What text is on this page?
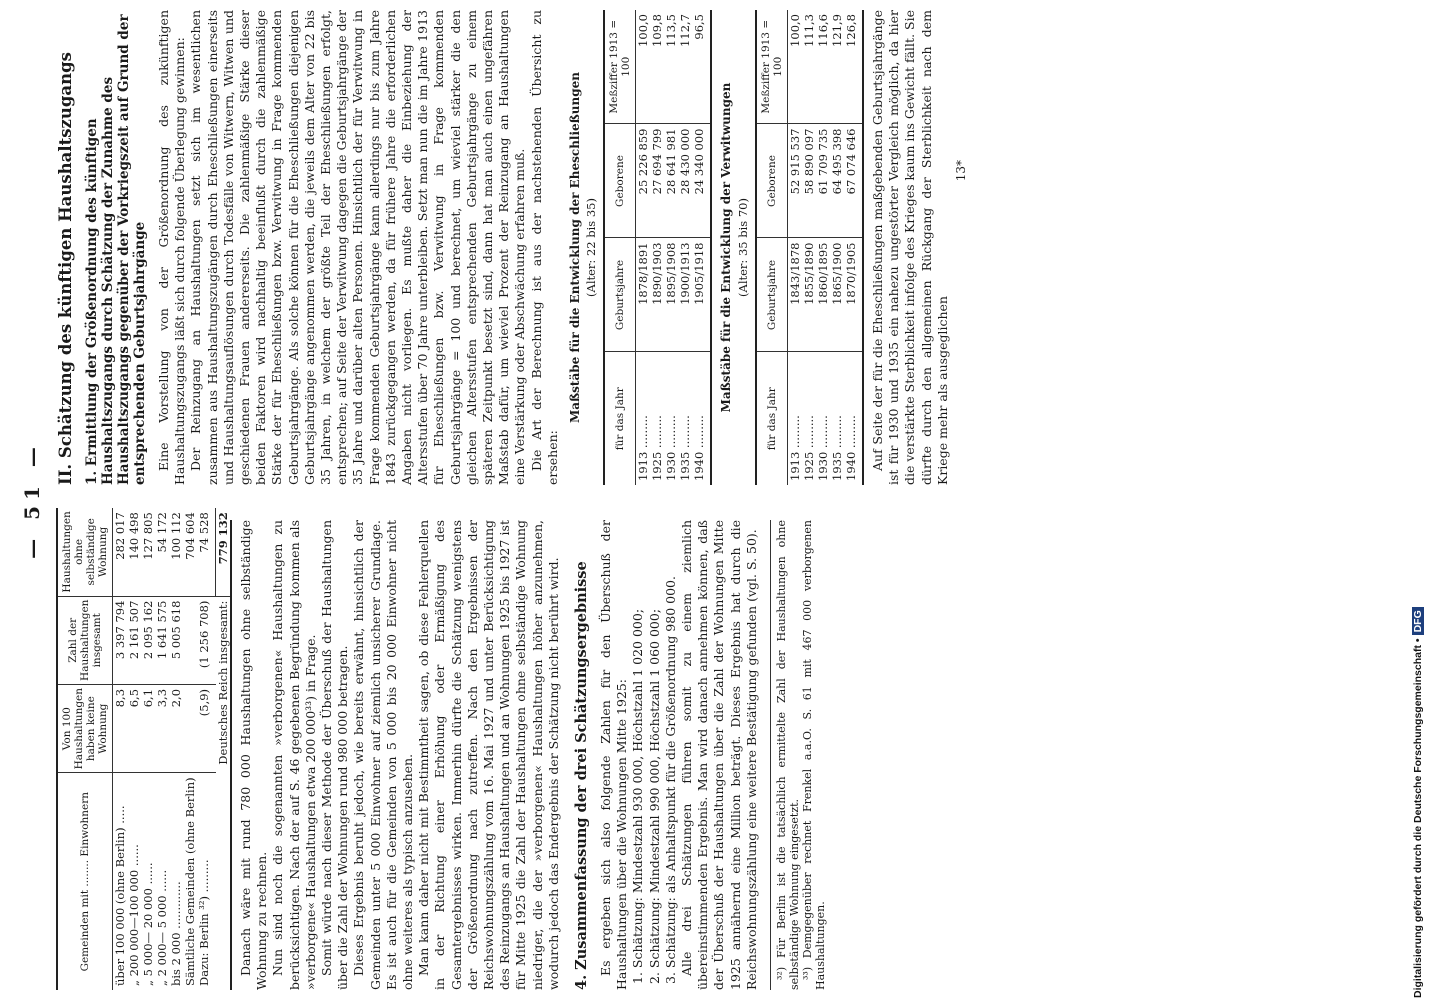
— 51 —
Gemeinden mit ........ Einwohnern	Von 100 Haushaltungen haben keine Wohnung	Zahl der Haushaltungen insgesamt	Haushaltungen ohne selbständige Wohnung
über 100 000 (ohne Berlin) .....	8,3	3 397 794	282 017
„ 200 000—100 000 ......	6,5	2 161 507	140 498
„ 5 000— 20 000 ......	6,1	2 095 162	127 805
„ 2 000— 5 000 ......	3,3	1 641 575	54 172
bis 2 000 .............	2,0	5 005 618	100 112
Sämtliche Gemeinden (ohne Berlin)			704 604
Dazu: Berlin ³²) .........	(5,9)	(1 256 708)	74 528
Deutsches Reich insgesamt:			779 132 Danach wäre mit rund 780 000 Haushaltungen ohne selbständige Wohnung zu rechnen. Nun sind noch die sogenannten »verborgenen« Haushaltungen zu berücksichtigen. Nach der auf S. 46 gegebenen Begründung kommen als »verborgene« Haushaltungen etwa 200 000³³) in Frage. Somit würde nach dieser Methode der Überschuß der Haushaltungen über die Zahl der Wohnungen rund 980 000 betragen. Dieses Ergebnis beruht jedoch, wie bereits erwähnt, hinsichtlich der Gemeinden unter 5 000 Einwohner auf ziemlich unsicherer Grundlage. Es ist auch für die Gemeinden von 5 000 bis 20 000 Einwohner nicht ohne weiteres als typisch anzusehen. Man kann daher nicht mit Bestimmtheit sagen, ob diese Fehlerquellen in der Richtung einer Erhöhung oder Ermäßigung des Gesamtergebnisses wirken. Immerhin dürfte die Schätzung wenigstens der Größenordnung nach zutreffen. Nach den Ergebnissen der Reichswohnungszählung vom 16. Mai 1927 und unter Berücksichtigung des Reinzugangs an Haushaltungen und an Wohnungen 1925 bis 1927 ist für Mitte 1925 die Zahl der Haushaltungen ohne selbständige Wohnung niedriger, die der »verborgenen« Haushaltungen höher anzunehmen, wodurch jedoch das Endergebnis der Schätzung nicht berührt wird. 4. Zusammenfassung der drei Schätzungsergebnisse Es ergeben sich also folgende Zahlen für den Überschuß der Haushaltungen über die Wohnungen Mitte 1925: 1. Schätzung: Mindestzahl 930 000, Höchstzahl 1 020 000; 2. Schätzung: Mindestzahl 990 000, Höchstzahl 1 060 000; 3. Schätzung: als Anhaltspunkt für die Größenordnung 980 000. Alle drei Schätzungen führen somit zu einem ziemlich übereinstimmenden Ergebnis. Man wird danach annehmen können, daß der Überschuß der Haushaltungen über die Zahl der Wohnungen Mitte 1925 annähernd eine Million beträgt. Dieses Ergebnis hat durch die Reichswohnungszählung eine weitere Bestätigung gefunden (vgl. S. 50). ³²) Für Berlin ist die tatsächlich ermittelte Zahl der Haushaltungen ohne selbständige Wohnung eingesetzt. ³³) Demgegenüber rechnet Frenkel a.a.O. S. 61 mit 467 000 verborgenen Haushaltungen.

II. Schätzung des künftigen Haushaltszugangs 1. Ermittlung der Größenordnung des künftigen Haushaltszugangs durch Schätzung der Zunahme des Haushaltszugangs gegenüber der Vorkriegszeit auf Grund der entsprechenden Geburtsjahrgänge Eine Vorstellung von der Größenordnung des zukünftigen Haushaltungszugangs läßt sich durch folgende Überlegung gewinnen: Der Reinzugang an Haushaltungen setzt sich im wesentlichen zusammen aus Haushaltungszugängen durch Eheschließungen einerseits und Haushaltungsauflösungen durch Todesfälle von Witwern, Witwen und geschiedenen Frauen andererseits. Die zahlenmäßige Stärke dieser beiden Faktoren wird nachhaltig beeinflußt durch die zahlenmäßige Stärke der für Eheschließungen bzw. Verwitwung in Frage kommenden Geburtsjahrgänge. Als solche können für die Eheschließungen diejenigen Geburtsjahrgänge angenommen werden, die jeweils dem Alter von 22 bis 35 Jahren, in welchem der größte Teil der Eheschließungen erfolgt, entsprechen; auf Seite der Verwitwung dagegen die Geburtsjahrgänge der 35 Jahre und darüber alten Personen. Hinsichtlich der für Verwitwung in Frage kommenden Geburtsjahrgänge kann allerdings nur bis zum Jahre 1843 zurückgegangen werden, da für frühere Jahre die erforderlichen Angaben nicht vorliegen. Es mußte daher die Einbeziehung der Altersstufen über 70 Jahre unterbleiben. Setzt man nun die im Jahre 1913 für Eheschließungen bzw. Verwitwung in Frage kommenden Geburtsjahrgänge = 100 und berechnet, um wieviel stärker die den gleichen Altersstufen entsprechenden Geburtsjahrgänge zu einem späteren Zeitpunkt besetzt sind, dann hat man auch einen ungefähren Maßstab dafür, um wieviel Prozent der Reinzugang an Haushaltungen eine Verstärkung oder Abschwächung erfahren muß. Die Art der Berechnung ist aus der nachstehenden Übersicht zu ersehen:

Maßstäbe für die Entwicklung der Eheschließungen (Alter: 22 bis 35)
für das Jahr	Geburtsjahre	Geborene	Meßziffer 1913 = 100
1913 .........	1878/1891	25 226 859	100,0
1925 .........	1890/1903	27 694 799	109,8
1930 .........	1895/1908	28 641 981	113,5
1935 .........	1900/1913	28 430 000	112,7
1940 .........	1905/1918	24 340 000	96,5
Maßstäbe für die Entwicklung der Verwitwungen (Alter: 35 bis 70)
für das Jahr	Geburtsjahre	Geborene	Meßziffer 1913 = 100
1913 .........	1843/1878	52 915 537	100,0
1925 .........	1855/1890	58 890 097	111,3
1930 .........	1860/1895	61 709 735	116,6
1935 .........	1865/1900	64 495 398	121,9
1940 .........	1870/1905	67 074 646	126,8 Auf Seite der für die Eheschließungen maßgebenden Geburtsjahrgänge ist für 1930 und 1935 ein nahezu ungestörter Vergleich möglich, da hier die verstärkte Sterblichkeit infolge des Krieges kaum ins Gewicht fällt. Sie dürfte durch den allgemeinen Rückgang der Sterblichkeit nach dem Kriege mehr als ausgeglichen

13*
Digitalisierung gefördert durch die Deutsche Forschungsgemeinschaft •DFG
